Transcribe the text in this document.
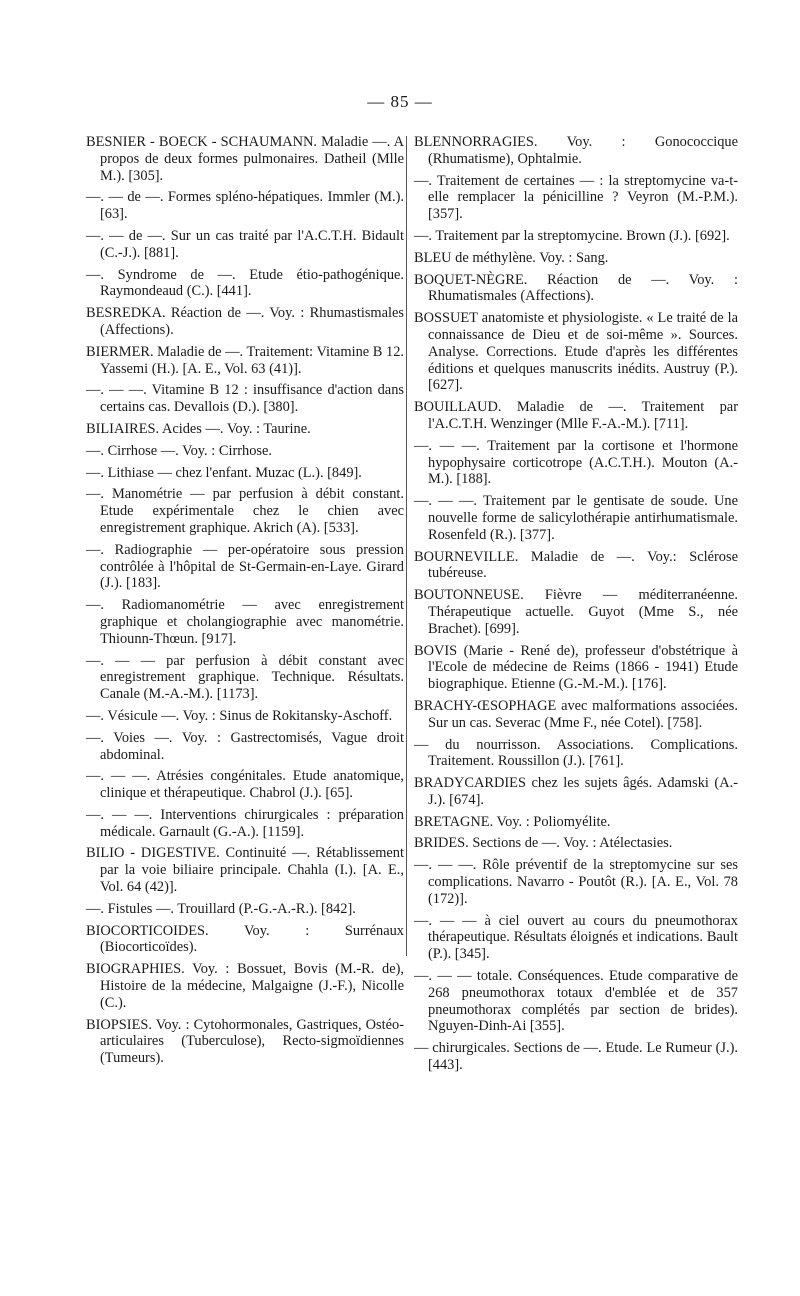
— 85 —
BESNIER - BOECK - SCHAUMANN. Maladie —. A propos de deux formes pulmonaires. Datheil (Mlle M.). [305].
—. — de —. Formes spléno-hépatiques. Immler (M.). [63].
—. — de —. Sur un cas traité par l'A.C.T.H. Bidault (C.-J.). [881].
—. Syndrome de —. Etude étio-pathogénique. Raymondeaud (C.). [441].
BESREDKA. Réaction de —. Voy. : Rhumastismales (Affections).
BIERMER. Maladie de —. Traitement: Vitamine B 12. Yassemi (H.). [A. E., Vol. 63 (41)].
—. — —. Vitamine B 12 : insuffisance d'action dans certains cas. Devallois (D.). [380].
BILIAIRES. Acides —. Voy. : Taurine.
—. Cirrhose —. Voy. : Cirrhose.
—. Lithiase — chez l'enfant. Muzac (L.). [849].
—. Manométrie — par perfusion à débit constant. Etude expérimentale chez le chien avec enregistrement graphique. Akrich (A). [533].
—. Radiographie — per-opératoire sous pression contrôlée à l'hôpital de St-Germain-en-Laye. Girard (J.). [183].
—. Radiomanométrie — avec enregistrement graphique et cholangiographie avec manométrie. Thiounn-Thœun. [917].
—. — — par perfusion à débit constant avec enregistrement graphique. Technique. Résultats. Canale (M.-A.-M.). [1173].
—. Vésicule —. Voy. : Sinus de Rokitansky-Aschoff.
—. Voies —. Voy. : Gastrectomisés, Vague droit abdominal.
—. — —. Atrésies congénitales. Etude anatomique, clinique et thérapeutique. Chabrol (J.). [65].
—. — —. Interventions chirurgicales : préparation médicale. Garnault (G.-A.). [1159].
BILIO - DIGESTIVE. Continuité —. Rétablissement par la voie biliaire principale. Chahla (I.). [A. E., Vol. 64 (42)].
—. Fistules —. Trouillard (P.-G.-A.-R.). [842].
BIOCORTICOIDES. Voy. : Surrénaux (Biocorticoïdes).
BIOGRAPHIES. Voy. : Bossuet, Bovis (M.-R. de), Histoire de la médecine, Malgaigne (J.-F.), Nicolle (C.).
BIOPSIES. Voy. : Cytohormonales, Gastriques, Ostéo-articulaires (Tuberculose), Recto-sigmoïdiennes (Tumeurs).
BLENNORRAGIES. Voy. : Gonococcique (Rhumatisme), Ophtalmie.
—. Traitement de certaines — : la streptomycine va-t-elle remplacer la pénicilline ? Veyron (M.-P.M.). [357].
—. Traitement par la streptomycine. Brown (J.). [692].
BLEU de méthylène. Voy. : Sang.
BOQUET-NÈGRE. Réaction de —. Voy. : Rhumatismales (Affections).
BOSSUET anatomiste et physiologiste. « Le traité de la connaissance de Dieu et de soi-même ». Sources. Analyse. Corrections. Etude d'après les différentes éditions et quelques manuscrits inédits. Austruy (P.). [627].
BOUILLAUD. Maladie de —. Traitement par l'A.C.T.H. Wenzinger (Mlle F.-A.-M.). [711].
—. — —. Traitement par la cortisone et l'hormone hypophysaire corticotrope (A.C.T.H.). Mouton (A.-M.). [188].
—. — —. Traitement par le gentisate de soude. Une nouvelle forme de salicylothérapie antirhumatismale. Rosenfeld (R.). [377].
BOURNEVILLE. Maladie de —. Voy.: Sclérose tubéreuse.
BOUTONNEUSE. Fièvre — méditerranéenne. Thérapeutique actuelle. Guyot (Mme S., née Brachet). [699].
BOVIS (Marie - René de), professeur d'obstétrique à l'Ecole de médecine de Reims (1866 - 1941) Etude biographique. Etienne (G.-M.-M.). [176].
BRACHY-ŒSOPHAGE avec malformations associées. Sur un cas. Severac (Mme F., née Cotel). [758].
— du nourrisson. Associations. Complications. Traitement. Roussillon (J.). [761].
BRADYCARDIES chez les sujets âgés. Adamski (A.-J.). [674].
BRETAGNE. Voy. : Poliomyélite.
BRIDES. Sections de —. Voy. : Atélectasies.
—. — —. Rôle préventif de la streptomycine sur ses complications. Navarro - Poutôt (R.). [A. E., Vol. 78 (172)].
—. — — à ciel ouvert au cours du pneumothorax thérapeutique. Résultats éloignés et indications. Bault (P.). [345].
—. — — totale. Conséquences. Etude comparative de 268 pneumothorax totaux d'emblée et de 357 pneumothorax complétés par section de brides). Nguyen-Dinh-Ai [355].
— chirurgicales. Sections de —. Etude. Le Rumeur (J.). [443].
